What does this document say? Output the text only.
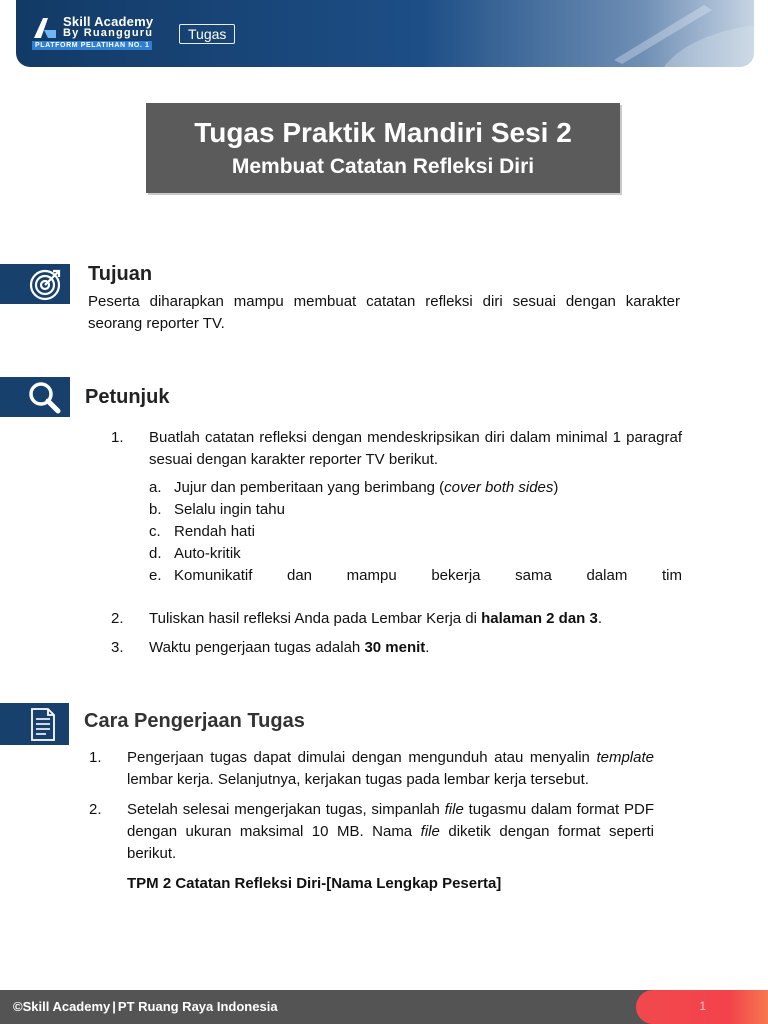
Skill Academy
By Ruangguru
PLATFORM PELATIHAN NO. 1
Tugas
Tugas Praktik Mandiri Sesi 2
Membuat Catatan Refleksi Diri
Tujuan
Peserta diharapkan mampu membuat catatan refleksi diri sesuai dengan karakter seorang reporter TV.
Petunjuk
1. Buatlah catatan refleksi dengan mendeskripsikan diri dalam minimal 1 paragraf sesuai dengan karakter reporter TV berikut.
a. Jujur dan pemberitaan yang berimbang (cover both sides)
b. Selalu ingin tahu
c. Rendah hati
d. Auto-kritik
e. Komunikatif dan mampu bekerja sama dalam tim
2. Tuliskan hasil refleksi Anda pada Lembar Kerja di halaman 2 dan 3.
3. Waktu pengerjaan tugas adalah 30 menit.
Cara Pengerjaan Tugas
1. Pengerjaan tugas dapat dimulai dengan mengunduh atau menyalin template lembar kerja. Selanjutnya, kerjakan tugas pada lembar kerja tersebut.
2. Setelah selesai mengerjakan tugas, simpanlah file tugasmu dalam format PDF dengan ukuran maksimal 10 MB. Nama file diketik dengan format seperti berikut.
TPM 2 Catatan Refleksi Diri-[Nama Lengkap Peserta]
©Skill Academy | PT Ruang Raya Indonesia	1
